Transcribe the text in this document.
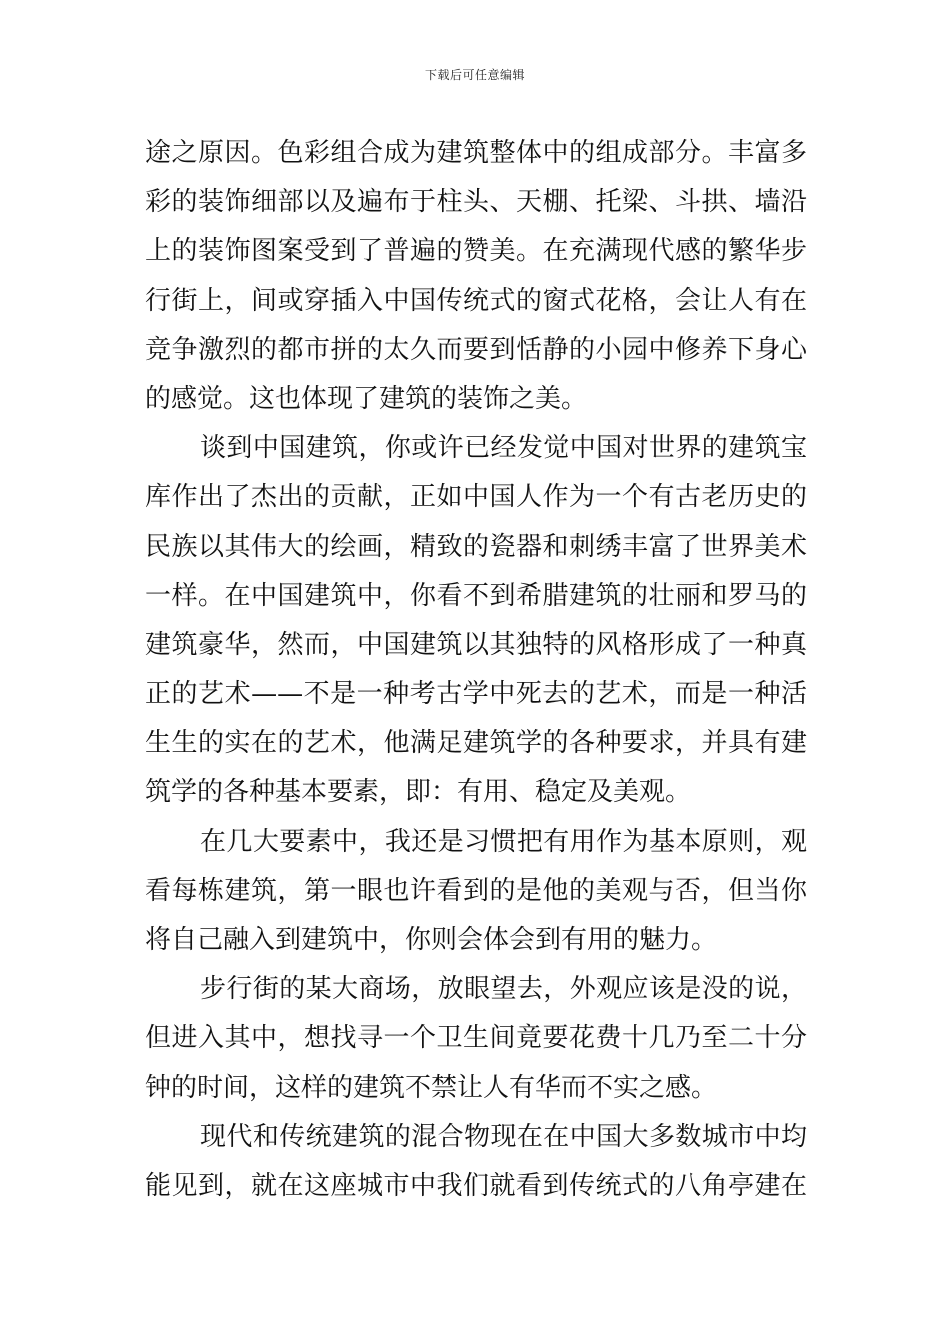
下载后可任意编辑
途之原因。色彩组合成为建筑整体中的组成部分。丰富多
彩的装饰细部以及遍布于柱头、天棚、托梁、斗拱、墙沿
上的装饰图案受到了普遍的赞美。在充满现代感的繁华步
行街上，间或穿插入中国传统式的窗式花格，会让人有在
竞争激烈的都市拼的太久而要到恬静的小园中修养下身心
的感觉。这也体现了建筑的装饰之美。
谈到中国建筑，你或许已经发觉中国对世界的建筑宝
库作出了杰出的贡献，正如中国人作为一个有古老历史的
民族以其伟大的绘画，精致的瓷器和刺绣丰富了世界美术
一样。在中国建筑中，你看不到希腊建筑的壮丽和罗马的
建筑豪华，然而，中国建筑以其独特的风格形成了一种真
正的艺术——不是一种考古学中死去的艺术，而是一种活
生生的实在的艺术，他满足建筑学的各种要求，并具有建
筑学的各种基本要素，即：有用、稳定及美观。
在几大要素中，我还是习惯把有用作为基本原则，观
看每栋建筑，第一眼也许看到的是他的美观与否，但当你
将自己融入到建筑中，你则会体会到有用的魅力。
步行街的某大商场，放眼望去，外观应该是没的说，
但进入其中，想找寻一个卫生间竟要花费十几乃至二十分
钟的时间，这样的建筑不禁让人有华而不实之感。
现代和传统建筑的混合物现在在中国大多数城市中均
能见到，就在这座城市中我们就看到传统式的八角亭建在
